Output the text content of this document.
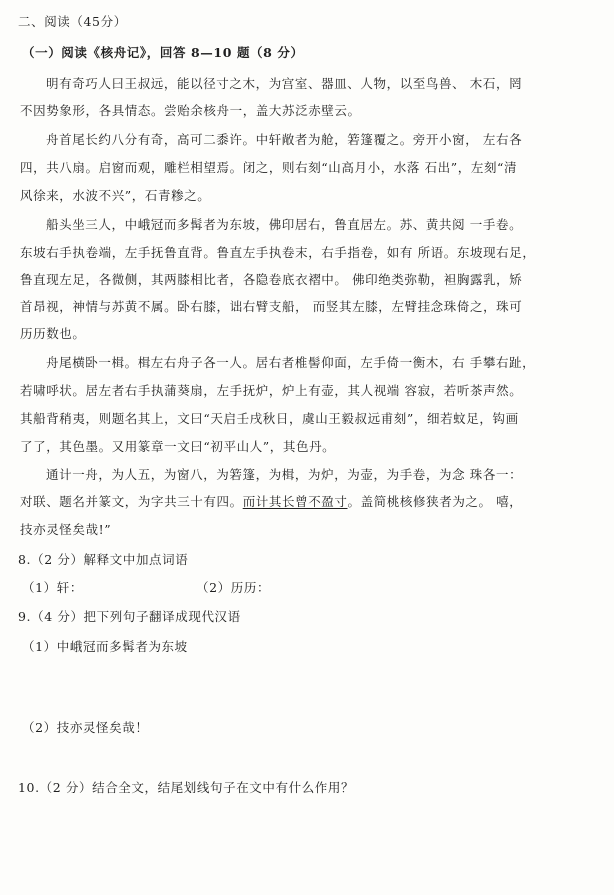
二、阅读（45分）
（一）阅读《核舟记》，回答 8—10 题（8 分）
明有奇巧人曰王叔远，能以径寸之木，为宫室、器皿、人物，以至鸟兽、 木石，罔
不因势象形，各具情态。尝贻余核舟一，盖大苏泛赤壁云。
舟首尾长约八分有奇，高可二黍许。中轩敞者为舱，箬篷覆之。旁开小窗， 左右各
四，共八扇。启窗而观，雕栏相望焉。闭之，则右刻“山高月小，水落 石出”，左刻“清
风徐来，水波不兴”，石青糁之。
船头坐三人，中峨冠而多髯者为东坡，佛印居右，鲁直居左。苏、黄共阅 一手卷。
东坡右手执卷端，左手抚鲁直背。鲁直左手执卷末，右手指卷，如有 所语。东坡现右足，
鲁直现左足，各微侧，其两膝相比者，各隐卷底衣褶中。 佛印绝类弥勒，袒胸露乳，矫
首昂视，神情与苏黄不属。卧右膝，诎右臂支船， 而竖其左膝，左臂挂念珠倚之，珠可
历历数也。
舟尾横卧一楫。楫左右舟子各一人。居右者椎髻仰面，左手倚一衡木，右 手攀右趾，
若啸呼状。居左者右手执蒲葵扇，左手抚炉，炉上有壶，其人视端 容寂，若听茶声然。
其船背稍夷，则题名其上，文曰“天启壬戌秋日，虞山王毅叔远甫刻”，细若蚊足，钩画
了了，其色墨。又用篆章一文曰“初平山人”，其色丹。
通计一舟，为人五，为窗八，为箬篷，为楫，为炉，为壶，为手卷，为念 珠各一：
对联、题名并篆文，为字共三十有四。而计其长曾不盈寸。盖简桃核修狭者为之。 嘻，
技亦灵怪矣哉!”
8.（2 分）解释文中加点词语
（1）轩：	（2）历历：
9.（4 分）把下列句子翻译成现代汉语
（1）中峨冠而多髯者为东坡
（2）技亦灵怪矣哉！
10.（2 分）结合全文，结尾划线句子在文中有什么作用？
